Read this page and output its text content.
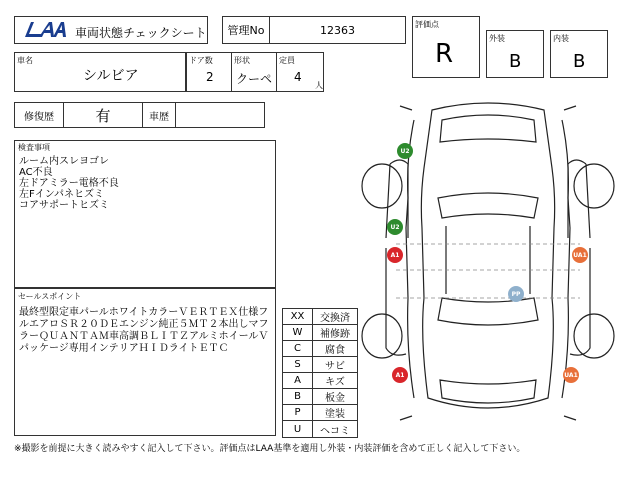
車両状態チェックシート	管理No	12363	評価点
R
外装
B
内装
B
車名
シルビア
ドア数
2
形状
クーペ
定員
4
人
修復歴	有	車歴
検査事項
ルーム内スレヨゴレ
AC不良
左ドアミラー電格不良
左Fインパネヒズミ
コアサポートヒズミ
セールスポイント
最終型限定車パールホワイトカラーＶＥＲＴＥＸ仕様フルエアロＳＲ２０ＤＥエンジン純正５ＭＴ２本出しマフラーＱＵＡＮＴＡＭ車高調ＢＬＩＴＺアルミホイールＶパッケージ専用インテリアＨＩＤライトＥＴＣ
XX	交換済
W	補修跡
C	腐食
S	サビ
A	キズ
B	板金
P	塗装
U	ヘコミ
U2
U2
A1	UA1
PP
A1	UA1
※撮影を前提に大きく読みやすく記入して下さい。評価点はLAA基準を適用し外装・内装評価を含めて正しく記入して下さい。
